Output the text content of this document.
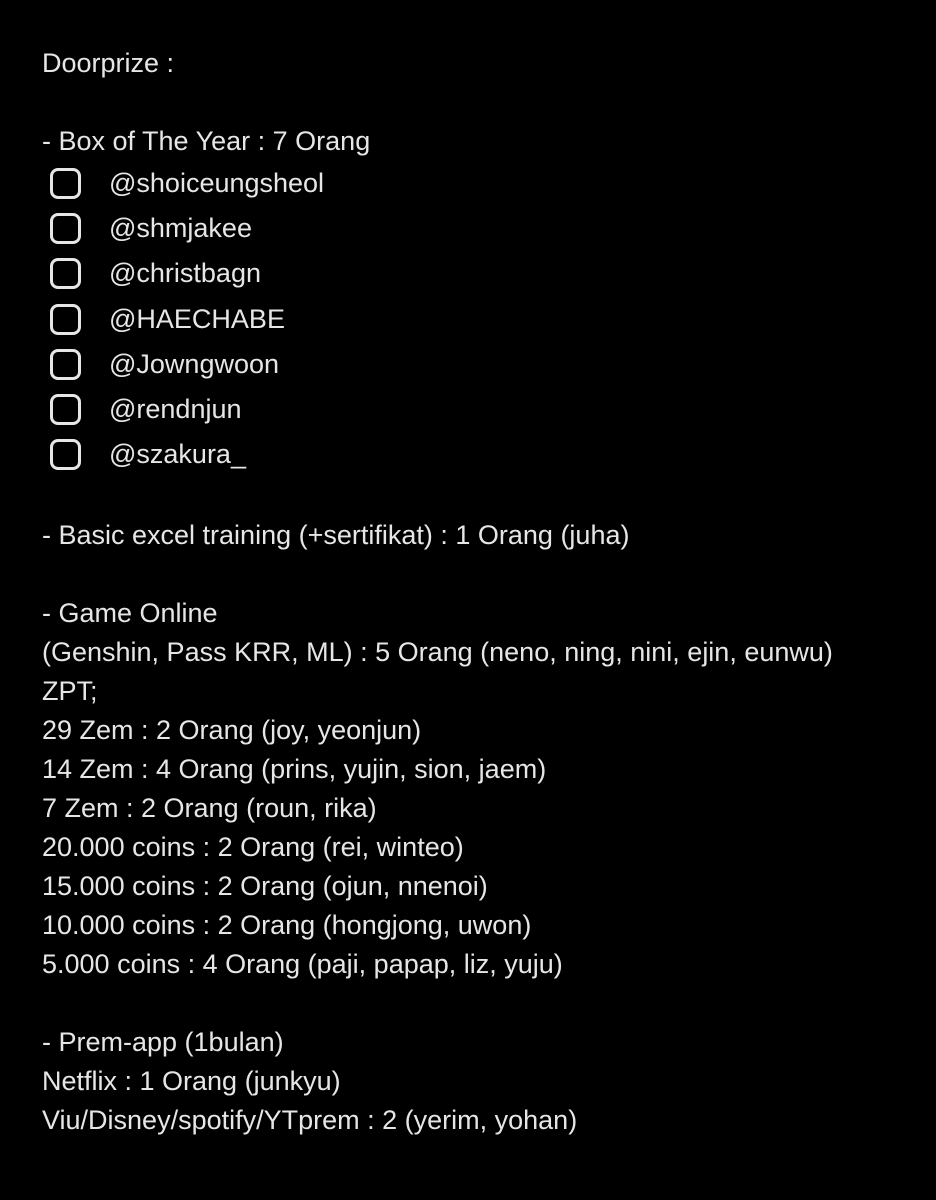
Doorprize :
- Box of The Year : 7 Orang
@shoiceungsheol
@shmjakee
@christbagn
@HAECHABE
@Jowngwoon
@rendnjun
@szakura_
- Basic excel training (+sertifikat) : 1 Orang (juha)
- Game Online
(Genshin, Pass KRR, ML) : 5 Orang (neno, ning, nini, ejin, eunwu)
ZPT;
29 Zem : 2 Orang (joy, yeonjun)
14 Zem : 4 Orang (prins, yujin, sion, jaem)
7 Zem : 2 Orang (roun, rika)
20.000 coins : 2 Orang (rei, winteo)
15.000 coins : 2 Orang (ojun, nnenoi)
10.000 coins : 2 Orang (hongjong, uwon)
5.000 coins : 4 Orang (paji, papap, liz, yuju)
- Prem-app (1bulan)
Netflix : 1 Orang (junkyu)
Viu/Disney/spotify/YTprem : 2 (yerim, yohan)
